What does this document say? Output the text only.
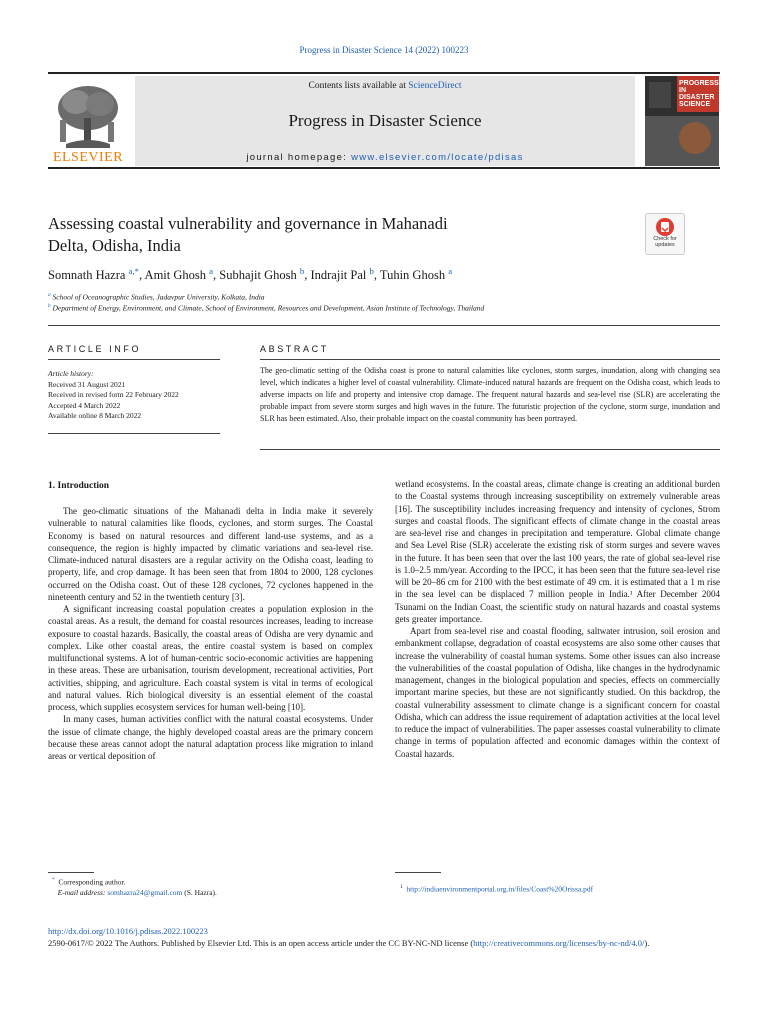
Progress in Disaster Science 14 (2022) 100223
ELSEVIER
Contents lists available at ScienceDirect
Progress in Disaster Science
journal homepage: www.elsevier.com/locate/pdisas
PROGRESS IN DISASTER SCIENCE
Assessing coastal vulnerability and governance in Mahanadi
Delta, Odisha, India	Check for updates
Somnath Hazra $^{a,*}$, Amit Ghosh $^a$, Subhajit Ghosh $^b$, Indrajit Pal $^b$, Tuhin Ghosh $^a$
$^a$ School of Oceanographic Studies, Jadavpur University, Kolkata, India
$^b$ Department of Energy, Environment, and Climate, School of Environment, Resources and Development, Asian Institute of Technology, Thailand
ARTICLE INFO	ABSTRACT
Article history:
Received 31 August 2021
Received in revised form 22 February 2022
Accepted 4 March 2022
Available online 8 March 2022
The geo-climatic setting of the Odisha coast is prone to natural calamities like cyclones, storm surges, inundation, along with changing sea level, which indicates a higher level of coastal vulnerability. Climate-induced natural hazards are frequent on the Odisha coast, which leads to adverse impacts on life and property and intensive crop damage. The frequent natural hazards and sea-level rise (SLR) are accelerating the probable impact from severe storm surges and high waves in the future. The futuristic projection of the cyclone, storm surge, inundation and SLR has been estimated. Also, their probable impact on the coastal community has been portrayed.
1. Introduction

The geo-climatic situations of the Mahanadi delta in India make it severely vulnerable to natural calamities like floods, cyclones, and storm surges. The Coastal Economy is based on natural resources and different land-use systems, and as a consequence, the region is highly impacted by climatic variations and sea-level rise. Climate-induced natural disasters are a regular activity on the Odisha coast, leading to property, life, and crop damage. It has been seen that from 1804 to 2000, 128 cyclones occurred on the Odisha coast. Out of these 128 cyclones, 72 cyclones happened in the nineteenth century and 52 in the twentieth century [3].

A significant increasing coastal population creates a population explosion in the coastal areas. As a result, the demand for coastal resources increases, leading to increase exposure to coastal hazards. Basically, the coastal areas of Odisha are very dynamic and complex. Like other coastal areas, the entire coastal system is based on complex multifunctional systems. A lot of human-centric socio-economic activities are happening in these areas. These are urbanisation, tourism development, recreational activities, Port activities, shipping, and agriculture. Each coastal system is vital in terms of ecological and natural values. Rich biological diversity is an essential element of the coastal process, which supplies ecosystem services for human well-being [10].

In many cases, human activities conflict with the natural coastal ecosystems. Under the issue of climate change, the highly developed coastal areas are the primary concern because these areas cannot adopt the natural adaptation process like migration to inland areas or vertical deposition of

wetland ecosystems. In the coastal areas, climate change is creating an additional burden to the Coastal systems through increasing susceptibility on extremely vulnerable areas [16]. The susceptibility includes increasing frequency and intensity of cyclones, Strom surges and coastal floods. The significant effects of climate change in the coastal areas are sea-level rise and changes in precipitation and temperature. Global climate change and Sea Level Rise (SLR) accelerate the existing risk of storm surges and severe waves in the future. It has been seen that over the last 100 years, the rate of global sea-level rise is 1.0–2.5 mm/year. According to the IPCC, it has been seen that the future sea-level rise will be 20–86 cm for 2100 with the best estimate of 49 cm. it is estimated that a 1 m rise in the sea level can be displaced 7 million people in India.¹ After December 2004 Tsunami on the Indian Coast, the scientific study on natural hazards and coastal systems gets greater importance.

Apart from sea-level rise and coastal flooding, saltwater intrusion, soil erosion and embankment collapse, degradation of coastal ecosystems are also some other causes that increase the vulnerability of coastal human systems. Some other issues can also increase the vulnerabilities of the coastal population of Odisha, like changes in the hydrodynamic management, changes in the biological population and species, effects on commercially important marine species, but these are not significantly studied. On this backdrop, the coastal vulnerability assessment to climate change is a significant concern for coastal Odisha, which can address the issue requirement of adaptation activities at the local level to reduce the impact of vulnerabilities. The paper assesses coastal vulnerability to climate change in terms of population affected and economic damages within the context of Coastal hazards.

* Corresponding author.
E-mail address: somhazra24@gmail.com (S. Hazra).
$^1$ http://indiaenvironmentportal.org.in/files/Coast%20Orissa.pdf
http://dx.doi.org/10.1016/j.pdisas.2022.100223
2590-0617/© 2022 The Authors. Published by Elsevier Ltd. This is an open access article under the CC BY-NC-ND license (http://creativecommons.org/licenses/by-nc-nd/4.0/).
